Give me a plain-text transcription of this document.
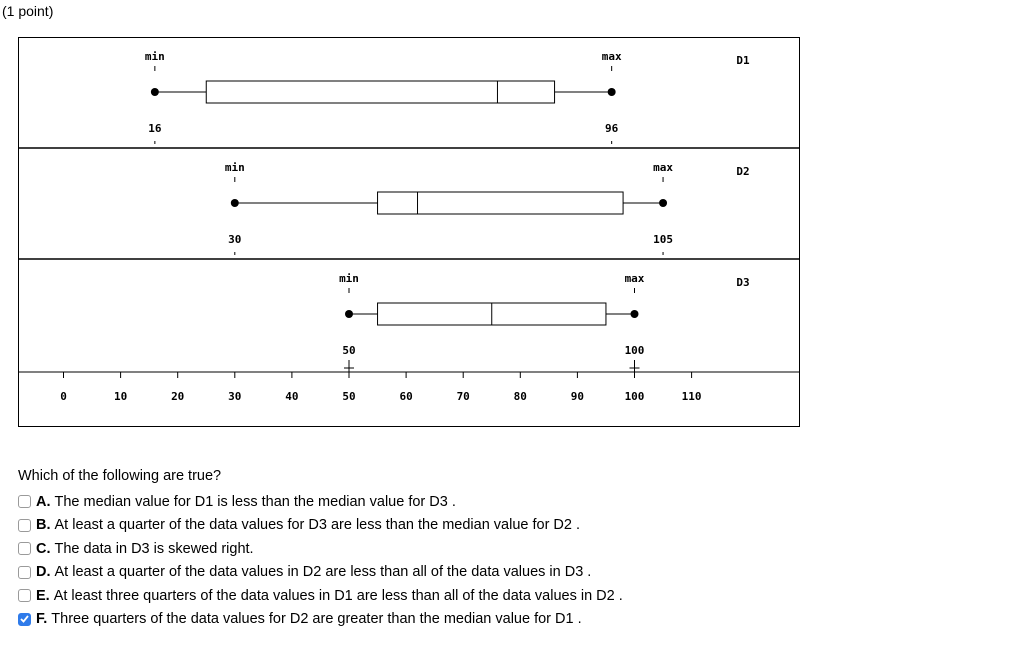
(1 point)
min	max
16	96
D1
min	max
30	105
D2
min	max
50	100
D3
0	10	20	30	40	50	60	70	80	90	100	110
Which of the following are true?
A. The median value for D1 is less than the median value for D3 .
B. At least a quarter of the data values for D3 are less than the median value for D2 .
C. The data in D3 is skewed right.
D. At least a quarter of the data values in D2 are less than all of the data values in D3 .
E. At least three quarters of the data values in D1 are less than all of the data values in D2 .
F. Three quarters of the data values for D2 are greater than the median value for D1 .
